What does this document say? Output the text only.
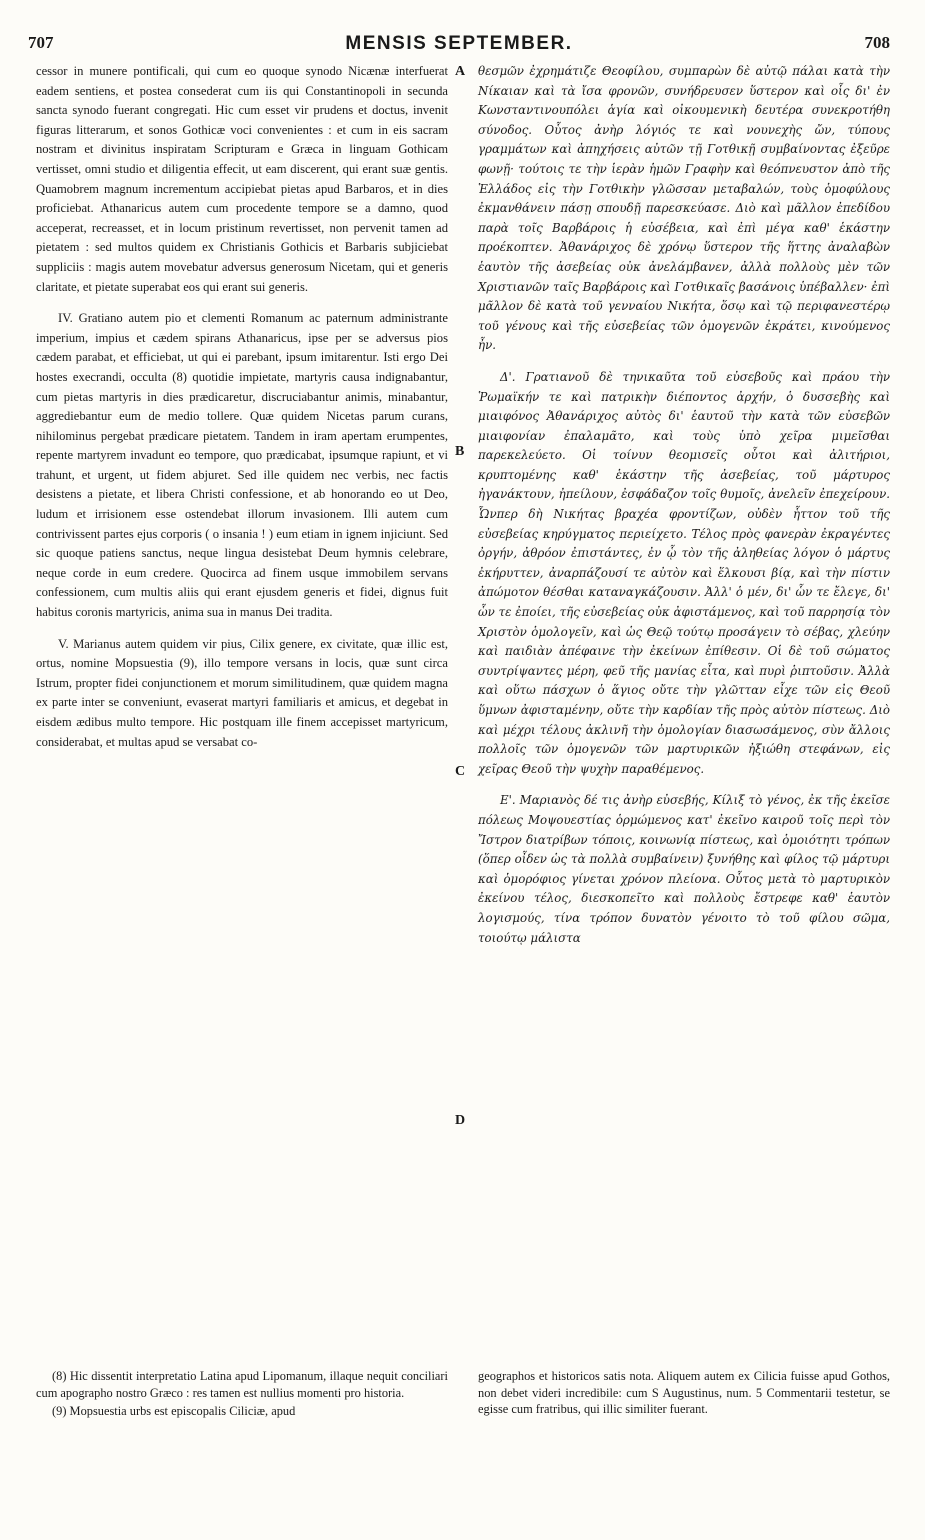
707	MENSIS SEPTEMBER.	708

cessor in munere pontificali, qui cum eo quoque synodo Nicænæ interfuerat eadem sentiens, et postea consederat cum iis qui Constantinopoli in secunda sancta synodo fuerant congregati. Hic cum esset vir prudens et doctus, invenit figuras litterarum, et sonos Gothicæ voci convenientes : et cum in eis sacram nostram et divinitus inspiratam Scripturam e Græca in linguam Gothicam vertisset, omni studio et diligentia effecit, ut eam discerent, qui erant suæ gentis. Quamobrem magnum incrementum accipiebat pietas apud Barbaros, et in dies proficiebat. Athanaricus autem cum procedente tempore se a damno, quod acceperat, recreasset, et in locum pristinum revertisset, non pervenit tamen ad pietatem : sed multos quidem ex Christianis Gothicis et Barbaris subjiciebat suppliciis : magis autem movebatur adversus generosum Nicetam, qui et generis claritate, et pietate superabat eos qui erant sui generis.

IV. Gratiano autem pio et clementi Romanum ac paternum administrante imperium, impius et cædem spirans Athanaricus, ipse per se adversus pios cædem parabat, et efficiebat, ut qui ei parebant, ipsum imitarentur. Isti ergo Dei hostes execrandi, occulta (8) quotidie impietate, martyris causa indignabantur, cum pietas martyris in dies prædicaretur, discruciabantur animis, minabantur, aggrediebantur eum de medio tollere. Quæ quidem Nicetas parum curans, nihilominus pergebat prædicare pietatem. Tandem in iram apertam erumpentes, repente martyrem invadunt eo tempore, quo prædicabat, ipsumque rapiunt, et vi trahunt, et urgent, ut fidem abjuret. Sed ille quidem nec verbis, nec factis desistens a pietate, et libera Christi confessione, et ab honorando eo ut Deo, ludum et irrisionem esse ostendebat illorum invasionem. Illi autem cum contrivissent partes ejus corporis ( o insania ! ) eum etiam in ignem injiciunt. Sed sic quoque patiens sanctus, neque lingua desistebat Deum hymnis celebrare, neque corde in eum credere. Quocirca ad finem usque immobilem servans confessionem, cum multis aliis qui erant ejusdem generis et fidei, dignus fuit habitus coronis martyricis, anima sua in manus Dei tradita.

V. Marianus autem quidem vir pius, Cilix genere, ex civitate, quæ illic est, ortus, nomine Mopsuestia (9), illo tempore versans in locis, quæ sunt circa Istrum, propter fidei conjunctionem et morum similitudinem, quæ quidem magna ex parte inter se conveniunt, evaserat martyri familiaris et amicus, et degebat in eisdem ædibus multo tempore. Hic postquam ille finem accepisset martyricum, considerabat, et multas apud se versabat co-

A
B
C
D

θεσμῶν ἐχρημάτιζε Θεοφίλου, συμπαρὼν δὲ αὐτῷ πάλαι κατὰ τὴν Νίκαιαν καὶ τὰ ἴσα φρονῶν, συνήδρευσεν ὕστερον καὶ οἷς δι' ἐν Κωνσταντινουπόλει ἁγία καὶ οἰκουμενικὴ δευτέρα συνεκροτήθη σύνοδος. Οὗτος ἀνὴρ λόγιός τε καὶ νουνεχὴς ὤν, τύπους γραμμάτων καὶ ἀπηχήσεις αὐτῶν τῇ Γοτθικῇ συμβαίνοντας ἐξεῦρε φωνῇ· τούτοις τε τὴν ἱερὰν ἡμῶν Γραφὴν καὶ θεόπνευστον ἀπὸ τῆς Ἑλλάδος εἰς τὴν Γοτθικὴν γλῶσσαν μεταβαλών, τοὺς ὁμοφύλους ἐκμανθάνειν πάσῃ σπουδῇ παρεσκεύασε. Διὸ καὶ μᾶλλον ἐπεδίδου παρὰ τοῖς Βαρβάροις ἡ εὐσέβεια, καὶ ἐπὶ μέγα καθ' ἑκάστην προέκοπτεν. Ἀθανάριχος δὲ χρόνῳ ὕστερον τῆς ἥττης ἀναλαβὼν ἑαυτὸν τῆς ἀσεβείας οὐκ ἀνελάμβανεν, ἀλλὰ πολλοὺς μὲν τῶν Χριστιανῶν ταῖς Βαρβάροις καὶ Γοτθικαῖς βασάνοις ὑπέβαλλεν· ἐπὶ μᾶλλον δὲ κατὰ τοῦ γενναίου Νικήτα, ὅσῳ καὶ τῷ περιφανεστέρῳ τοῦ γένους καὶ τῆς εὐσεβείας τῶν ὁμογενῶν ἐκράτει, κινούμενος ἦν.

Δ'. Γρατιανοῦ δὲ τηνικαῦτα τοῦ εὐσεβοῦς καὶ πράου τὴν Ῥωμαϊκήν τε καὶ πατρικὴν διέποντος ἀρχήν, ὁ δυσσεβὴς καὶ μιαιφόνος Ἀθανάριχος αὐτὸς δι' ἑαυτοῦ τὴν κατὰ τῶν εὐσεβῶν μιαιφονίαν ἐπαλαμᾶτο, καὶ τοὺς ὑπὸ χεῖρα μιμεῖσθαι παρεκελεύετο. Οἱ τοίνυν θεομισεῖς οὗτοι καὶ ἀλιτήριοι, κρυπτομένης καθ' ἑκάστην τῆς ἀσεβείας, τοῦ μάρτυρος ἠγανάκτουν, ἠπείλουν, ἐσφάδαζον τοῖς θυμοῖς, ἀνελεῖν ἐπεχείρουν. Ὧνπερ δὴ Νικήτας βραχέα φροντίζων, οὐδὲν ἧττον τοῦ τῆς εὐσεβείας κηρύγματος περιείχετο. Τέλος πρὸς φανερὰν ἐκραγέντες ὀργήν, ἀθρόον ἐπιστάντες, ἐν ᾧ τὸν τῆς ἀληθείας λόγον ὁ μάρτυς ἐκήρυττεν, ἀναρπάζουσί τε αὐτὸν καὶ ἕλκουσι βίᾳ, καὶ τὴν πίστιν ἀπώμοτον θέσθαι καταναγκάζουσιν. Ἀλλ' ὁ μέν, δι' ὧν τε ἔλεγε, δι' ὧν τε ἐποίει, τῆς εὐσεβείας οὐκ ἀφιστάμενος, καὶ τοῦ παρρησίᾳ τὸν Χριστὸν ὁμολογεῖν, καὶ ὡς Θεῷ τούτῳ προσάγειν τὸ σέβας, χλεύην καὶ παιδιὰν ἀπέφαινε τὴν ἐκείνων ἐπίθεσιν. Οἱ δὲ τοῦ σώματος συντρίψαντες μέρη, φεῦ τῆς μανίας εἶτα, καὶ πυρὶ ῥιπτοῦσιν. Ἀλλὰ καὶ οὕτω πάσχων ὁ ἅγιος οὔτε τὴν γλῶτταν εἶχε τῶν εἰς Θεοῦ ὕμνων ἀφισταμένην, οὔτε τὴν καρδίαν τῆς πρὸς αὐτὸν πίστεως. Διὸ καὶ μέχρι τέλους ἀκλινῆ τὴν ὁμολογίαν διασωσάμενος, σὺν ἄλλοις πολλοῖς τῶν ὁμογενῶν τῶν μαρτυρικῶν ἠξιώθη στεφάνων, εἰς χεῖρας Θεοῦ τὴν ψυχὴν παραθέμενος.

Ε'. Μαριανὸς δέ τις ἀνὴρ εὐσεβής, Κίλιξ τὸ γένος, ἐκ τῆς ἐκεῖσε πόλεως Μοψουεστίας ὁρμώμενος κατ' ἐκεῖνο καιροῦ τοῖς περὶ τὸν Ἴστρον διατρίβων τόποις, κοινωνίᾳ πίστεως, καὶ ὁμοιότητι τρόπων (ὅπερ οἶδεν ὡς τὰ πολλὰ συμβαίνειν) ξυνήθης καὶ φίλος τῷ μάρτυρι καὶ ὁμορόφιος γίνεται χρόνον πλείονα. Οὗτος μετὰ τὸ μαρτυρικὸν ἐκείνου τέλος, διεσκοπεῖτο καὶ πολλοὺς ἔστρεφε καθ' ἑαυτὸν λογισμούς, τίνα τρόπον δυνατὸν γένοιτο τὸ τοῦ φίλου σῶμα, τοιούτῳ μάλιστα

(8) Hic dissentit interpretatio Latina apud Lipomanum, illaque nequit conciliari cum apographo nostro Græco : res tamen est nullius momenti pro historia.

(9) Mopsuestia urbs est episcopalis Ciliciæ, apud

geographos et historicos satis nota. Aliquem autem ex Cilicia fuisse apud Gothos, non debet videri incredibile: cum S Augustinus, num. 5 Commentarii testetur, se egisse cum fratribus, qui illic similiter fuerant.
